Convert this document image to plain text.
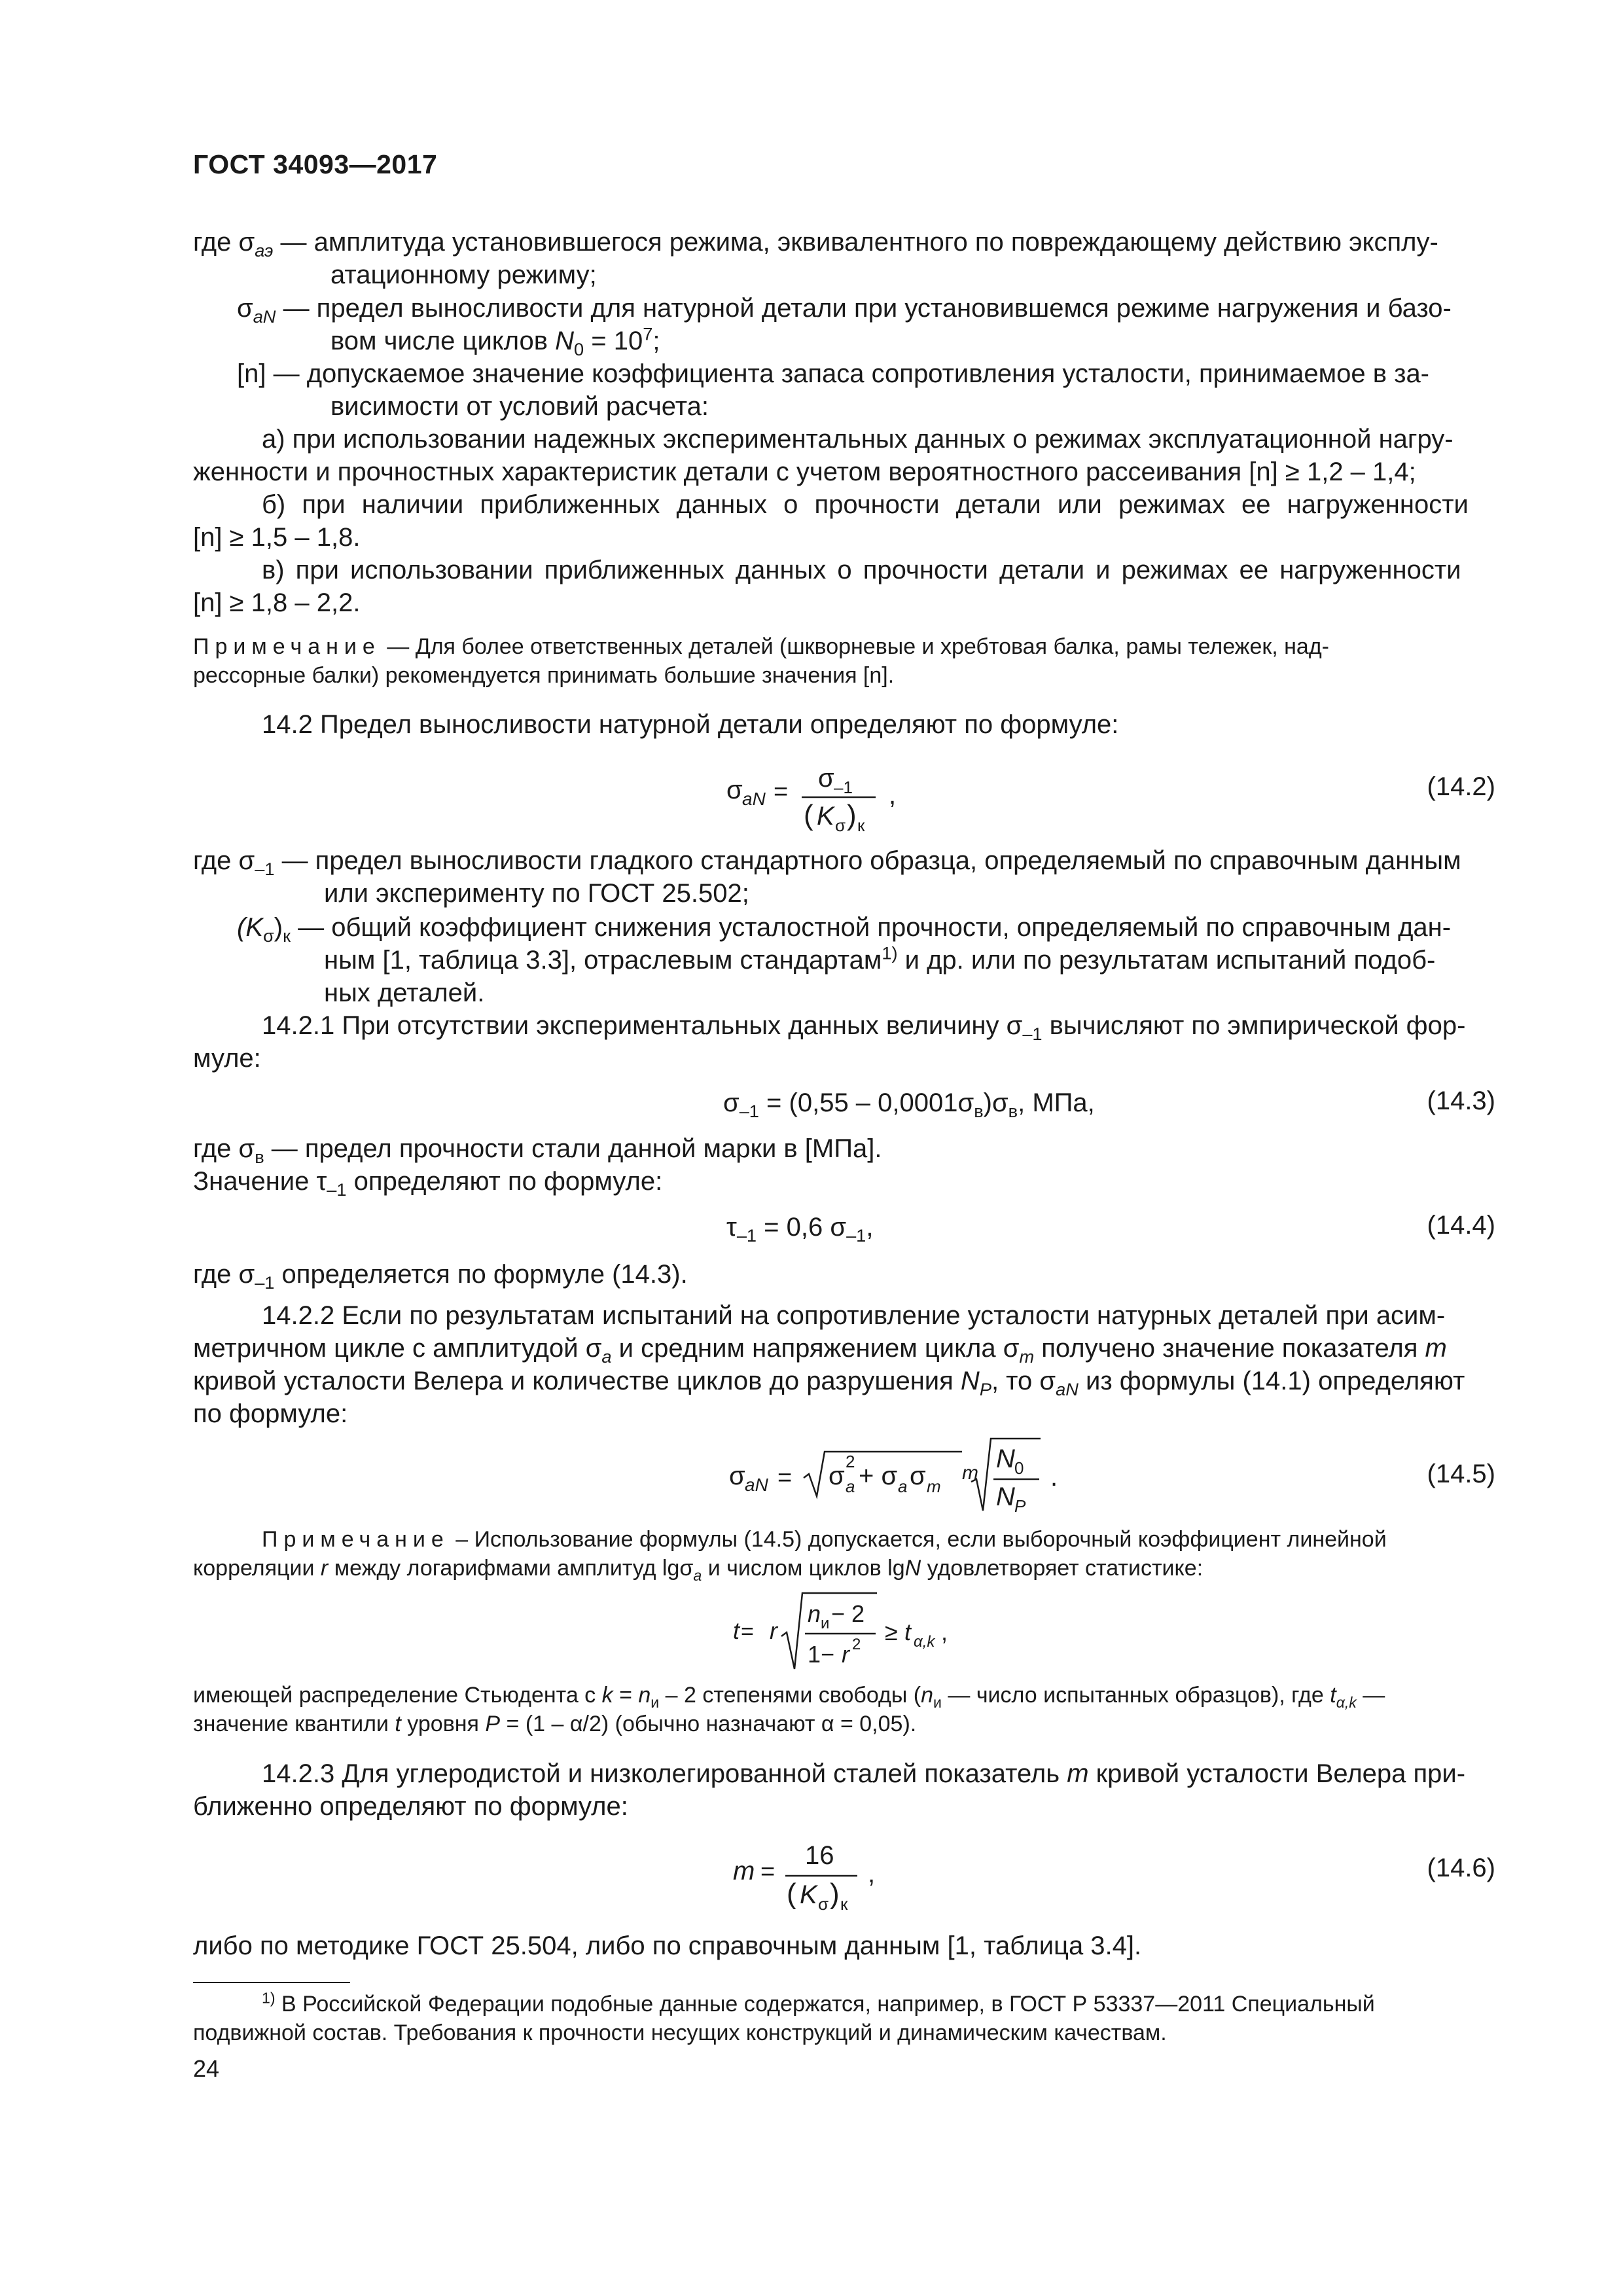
ГОСТ 34093—2017
где $\sigma_{аэ}$ — амплитуда установившегося режима, эквивалентного по повреждающему действию эксплу-
атационному режиму;
$\sigma_{aN}$ — предел выносливости для натурной детали при установившемся режиме нагружения и базо-
вом числе циклов $N_0 = 10^7$;
[n] — допускаемое значение коэффициента запаса сопротивления усталости, принимаемое в за-
висимости от условий расчета:
а) при использовании надежных экспериментальных данных о режимах эксплуатационной нагру-
женности и прочностных характеристик детали с учетом вероятностного рассеивания [n] ≥ 1,2 – 1,4;
б) при наличии приближенных данных о прочности детали или режимах ее нагруженности
[n] ≥ 1,5 – 1,8.
в) при использовании приближенных данных о прочности детали и режимах ее нагруженности
[n] ≥ 1,8 – 2,2.
Примечание — Для более ответственных деталей (шкворневые и хребтовая балка, рамы тележек, над-
рессорные балки) рекомендуется принимать большие значения [n].
14.2 Предел выносливости натурной детали определяют по формуле:
σ aN = σ –1
( K σ ) к
,	(14.2)
где $\sigma_{-1}$ — предел выносливости гладкого стандартного образца, определяемый по справочным данным
или эксперименту по ГОСТ 25.502;
$(K_\sigma)_к$ — общий коэффициент снижения усталостной прочности, определяемый по справочным дан-
ным [1, таблица 3.3], отраслевым стандартам$^{1)}$ и др. или по результатам испытаний подоб-
ных деталей.
14.2.1 При отсутствии экспериментальных данных величину $\sigma_{-1}$ вычисляют по эмпирической фор-
муле:
$\sigma_{-1} = (0,55 - 0,0001\sigma_в)\sigma_в$, МПа,	(14.3)
где $\sigma_в$ — предел прочности стали данной марки в [МПа].
Значение $\tau_{-1}$ определяют по формуле:
$\tau_{-1} = 0,6$ $\sigma_{-1}$,	(14.4)
где $\sigma_{-1}$ определяется по формуле (14.3).
14.2.2 Если по результатам испытаний на сопротивление усталости натурных деталей при асим-
метричном цикле с амплитудой $\sigma_a$ и средним напряжением цикла $\sigma_m$ получено значение показателя m
кривой усталости Велера и количестве циклов до разрушения $N_P$, то $\sigma_{aN}$ из формулы (14.1) определяют
по формуле:
σ aN = σ 2
a + σ a σ m
m N 0
N P
.	(14.5)
Примечание – Использование формулы (14.5) допускается, если выборочный коэффициент линейной
корреляции r между логарифмами амплитуд lgσ$_a$ и числом циклов lgN удовлетворяет статистике:
t = r
n и − 2
1− r 2 ≥ t α,k ,
имеющей распределение Стьюдента с $k = n_и - 2$ степенями свободы ($n_и$ — число испытанных образцов), где $t_{\alpha,k}$ —
значение квантили t уровня P = (1 – α/2) (обычно назначают α = 0,05).
14.2.3 Для углеродистой и низколегированной сталей показатель m кривой усталости Велера при-
ближенно определяют по формуле:
m =
16
( K σ ) к
,	(14.6)
либо по методике ГОСТ 25.504, либо по справочным данным [1, таблица 3.4].
$^{1)}$ В Российской Федерации подобные данные содержатся, например, в ГОСТ Р 53337—2011 Специальный
подвижной состав. Требования к прочности несущих конструкций и динамическим качествам.
24
